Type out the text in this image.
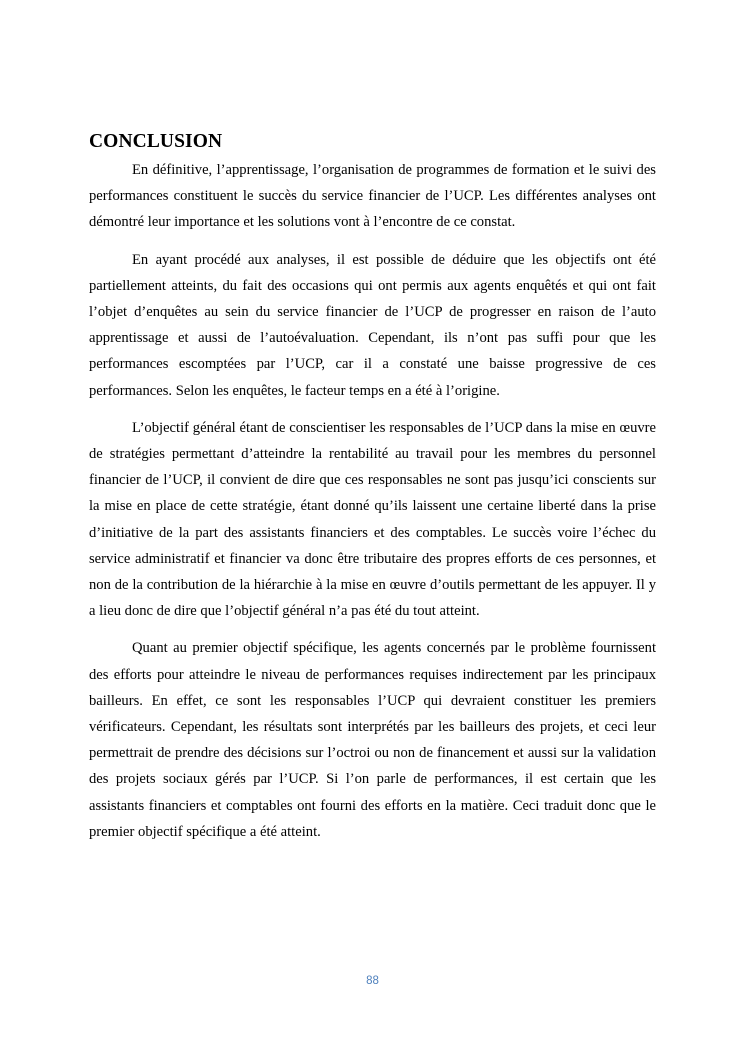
CONCLUSION

En définitive, l’apprentissage, l’organisation de programmes de formation et le suivi des performances constituent le succès du service financier de l’UCP. Les différentes analyses ont démontré leur importance et les solutions vont à l’encontre de ce constat.

En ayant procédé aux analyses, il est possible de déduire que les objectifs ont été partiellement atteints, du fait des occasions qui ont permis aux agents enquêtés et qui ont fait l’objet d’enquêtes au sein du service financier de l’UCP de progresser en raison de l’auto apprentissage et aussi de l’autoévaluation. Cependant, ils n’ont pas suffi pour que les performances escomptées par l’UCP, car il a constaté une baisse progressive de ces performances. Selon les enquêtes, le facteur temps en a été à l’origine.

L’objectif général étant de conscientiser les responsables de l’UCP dans la mise en œuvre de stratégies permettant d’atteindre la rentabilité au travail pour les membres du personnel financier de l’UCP, il convient de dire que ces responsables ne sont pas jusqu’ici conscients sur la mise en place de cette stratégie, étant donné qu’ils laissent une certaine liberté dans la prise d’initiative de la part des assistants financiers et des comptables. Le succès voire l’échec du service administratif et financier va donc être tributaire des propres efforts de ces personnes, et non de la contribution de la hiérarchie à la mise en œuvre d’outils permettant de les appuyer. Il y a lieu donc de dire que l’objectif général n’a pas été du tout atteint.

Quant au premier objectif spécifique, les agents concernés par le problème fournissent des efforts pour atteindre le niveau de performances requises indirectement par les principaux bailleurs. En effet, ce sont les responsables l’UCP qui devraient constituer les premiers vérificateurs. Cependant, les résultats sont interprétés par les bailleurs des projets, et ceci leur permettrait de prendre des décisions sur l’octroi ou non de financement et aussi sur la validation des projets sociaux gérés par l’UCP. Si l’on parle de performances, il est certain que les assistants financiers et comptables ont fourni des efforts en la matière. Ceci traduit donc que le premier objectif spécifique a été atteint.

88
